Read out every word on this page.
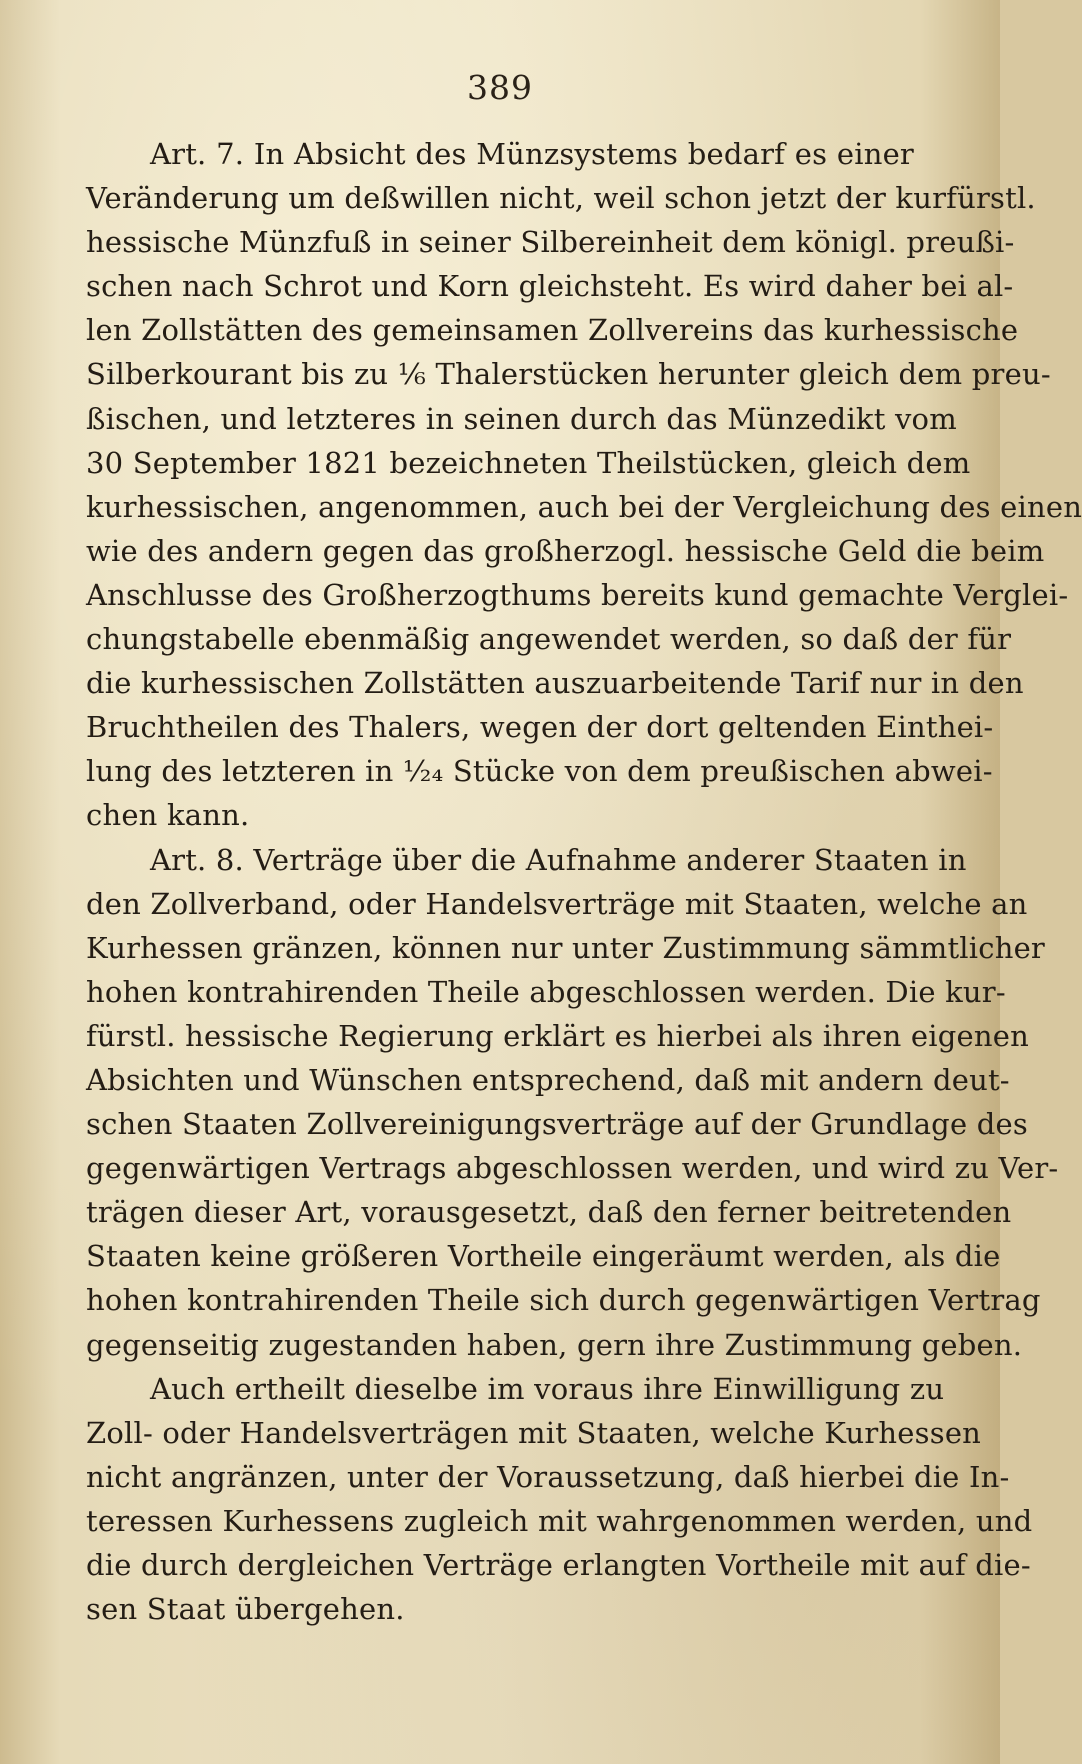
389
Art. 7. In Absicht des Münzsystems bedarf es einer
Veränderung um deßwillen nicht, weil schon jetzt der kurfürstl.
hessische Münzfuß in seiner Silbereinheit dem königl. preußi-
schen nach Schrot und Korn gleichsteht. Es wird daher bei al-
len Zollstätten des gemeinsamen Zollvereins das kurhessische
Silberkourant bis zu ⅙ Thalerstücken herunter gleich dem preu-
ßischen, und letzteres in seinen durch das Münzedikt vom
30 September 1821 bezeichneten Theilstücken, gleich dem
kurhessischen, angenommen, auch bei der Vergleichung des einen
wie des andern gegen das großherzogl. hessische Geld die beim
Anschlusse des Großherzogthums bereits kund gemachte Verglei-
chungstabelle ebenmäßig angewendet werden, so daß der für
die kurhessischen Zollstätten auszuarbeitende Tarif nur in den
Bruchtheilen des Thalers, wegen der dort geltenden Einthei-
lung des letzteren in ¹⁄₂₄ Stücke von dem preußischen abwei-
chen kann.
Art. 8. Verträge über die Aufnahme anderer Staaten in
den Zollverband, oder Handelsverträge mit Staaten, welche an
Kurhessen gränzen, können nur unter Zustimmung sämmtlicher
hohen kontrahirenden Theile abgeschlossen werden. Die kur-
fürstl. hessische Regierung erklärt es hierbei als ihren eigenen
Absichten und Wünschen entsprechend, daß mit andern deut-
schen Staaten Zollvereinigungsverträge auf der Grundlage des
gegenwärtigen Vertrags abgeschlossen werden, und wird zu Ver-
trägen dieser Art, vorausgesetzt, daß den ferner beitretenden
Staaten keine größeren Vortheile eingeräumt werden, als die
hohen kontrahirenden Theile sich durch gegenwärtigen Vertrag
gegenseitig zugestanden haben, gern ihre Zustimmung geben.
Auch ertheilt dieselbe im voraus ihre Einwilligung zu
Zoll- oder Handelsverträgen mit Staaten, welche Kurhessen
nicht angränzen, unter der Voraussetzung, daß hierbei die In-
teressen Kurhessens zugleich mit wahrgenommen werden, und
die durch dergleichen Verträge erlangten Vortheile mit auf die-
sen Staat übergehen.
